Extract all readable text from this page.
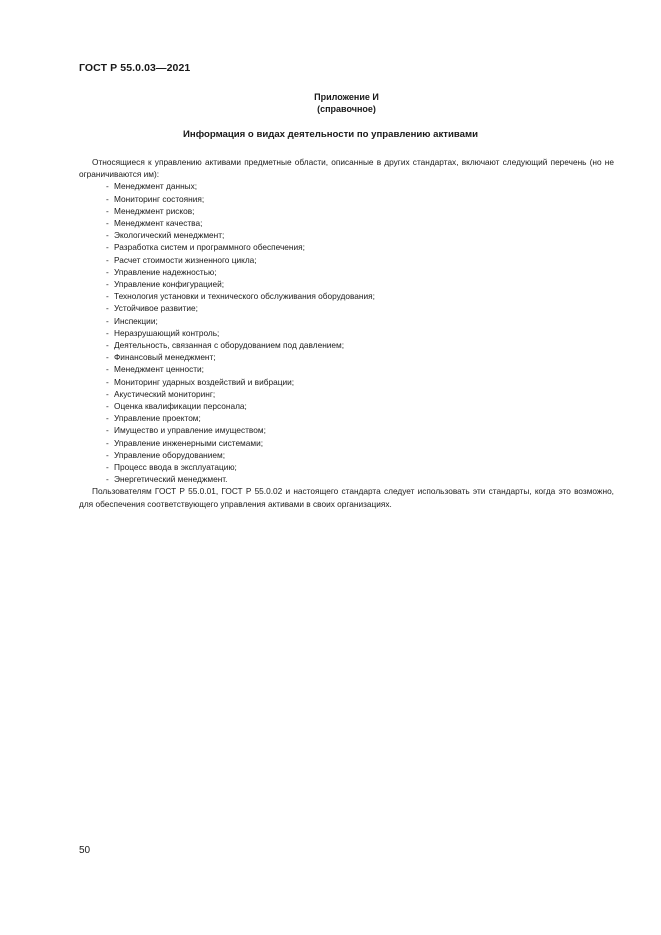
ГОСТ Р 55.0.03—2021
Приложение И
(справочное)
Информация о видах деятельности по управлению активами

Относящиеся к управлению активами предметные области, описанные в других стандартах, включают следующий перечень (но не ограничиваются им):

- Менеджмент данных;
- Мониторинг состояния;
- Менеджмент рисков;
- Менеджмент качества;
- Экологический менеджмент;
- Разработка систем и программного обеспечения;
- Расчет стоимости жизненного цикла;
- Управление надежностью;
- Управление конфигурацией;
- Технология установки и технического обслуживания оборудования;
- Устойчивое развитие;
- Инспекции;
- Неразрушающий контроль;
- Деятельность, связанная с оборудованием под давлением;
- Финансовый менеджмент;
- Менеджмент ценности;
- Мониторинг ударных воздействий и вибрации;
- Акустический мониторинг;
- Оценка квалификации персонала;
- Управление проектом;
- Имущество и управление имуществом;
- Управление инженерными системами;
- Управление оборудованием;
- Процесс ввода в эксплуатацию;
- Энергетический менеджмент.

Пользователям ГОСТ Р 55.0.01, ГОСТ Р 55.0.02 и настоящего стандарта следует использовать эти стандарты, когда это возможно, для обеспечения соответствующего управления активами в своих организациях.

50
